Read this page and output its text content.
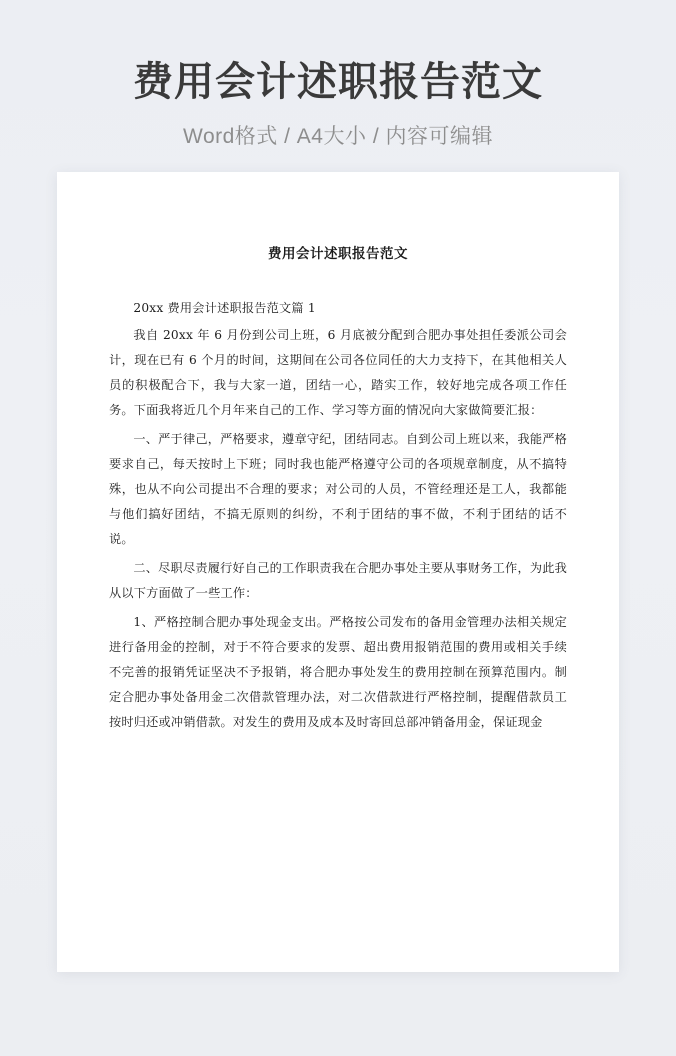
费用会计述职报告范文
Word格式 / A4大小 / 内容可编辑
费用会计述职报告范文

20xx 费用会计述职报告范文篇 1

我自 20xx 年 6 月份到公司上班，6 月底被分配到合肥办事处担任委派公司会计，现在已有 6 个月的时间，这期间在公司各位同任的大力支持下，在其他相关人员的积极配合下，我与大家一道，团结一心，踏实工作，较好地完成各项工作任务。下面我将近几个月年来自己的工作、学习等方面的情况向大家做简要汇报：

一、严于律己，严格要求，遵章守纪，团结同志。自到公司上班以来，我能严格要求自己，每天按时上下班；同时我也能严格遵守公司的各项规章制度，从不搞特殊，也从不向公司提出不合理的要求；对公司的人员，不管经理还是工人，我都能与他们搞好团结，不搞无原则的纠纷，不利于团结的事不做，不利于团结的话不说。

二、尽职尽责履行好自己的工作职责我在合肥办事处主要从事财务工作，为此我从以下方面做了一些工作：

1、严格控制合肥办事处现金支出。严格按公司发布的备用金管理办法相关规定进行备用金的控制，对于不符合要求的发票、超出费用报销范围的费用或相关手续不完善的报销凭证坚决不予报销，将合肥办事处发生的费用控制在预算范围内。制定合肥办事处备用金二次借款管理办法，对二次借款进行严格控制，提醒借款员工按时归还或冲销借款。对发生的费用及成本及时寄回总部冲销备用金，保证现金
